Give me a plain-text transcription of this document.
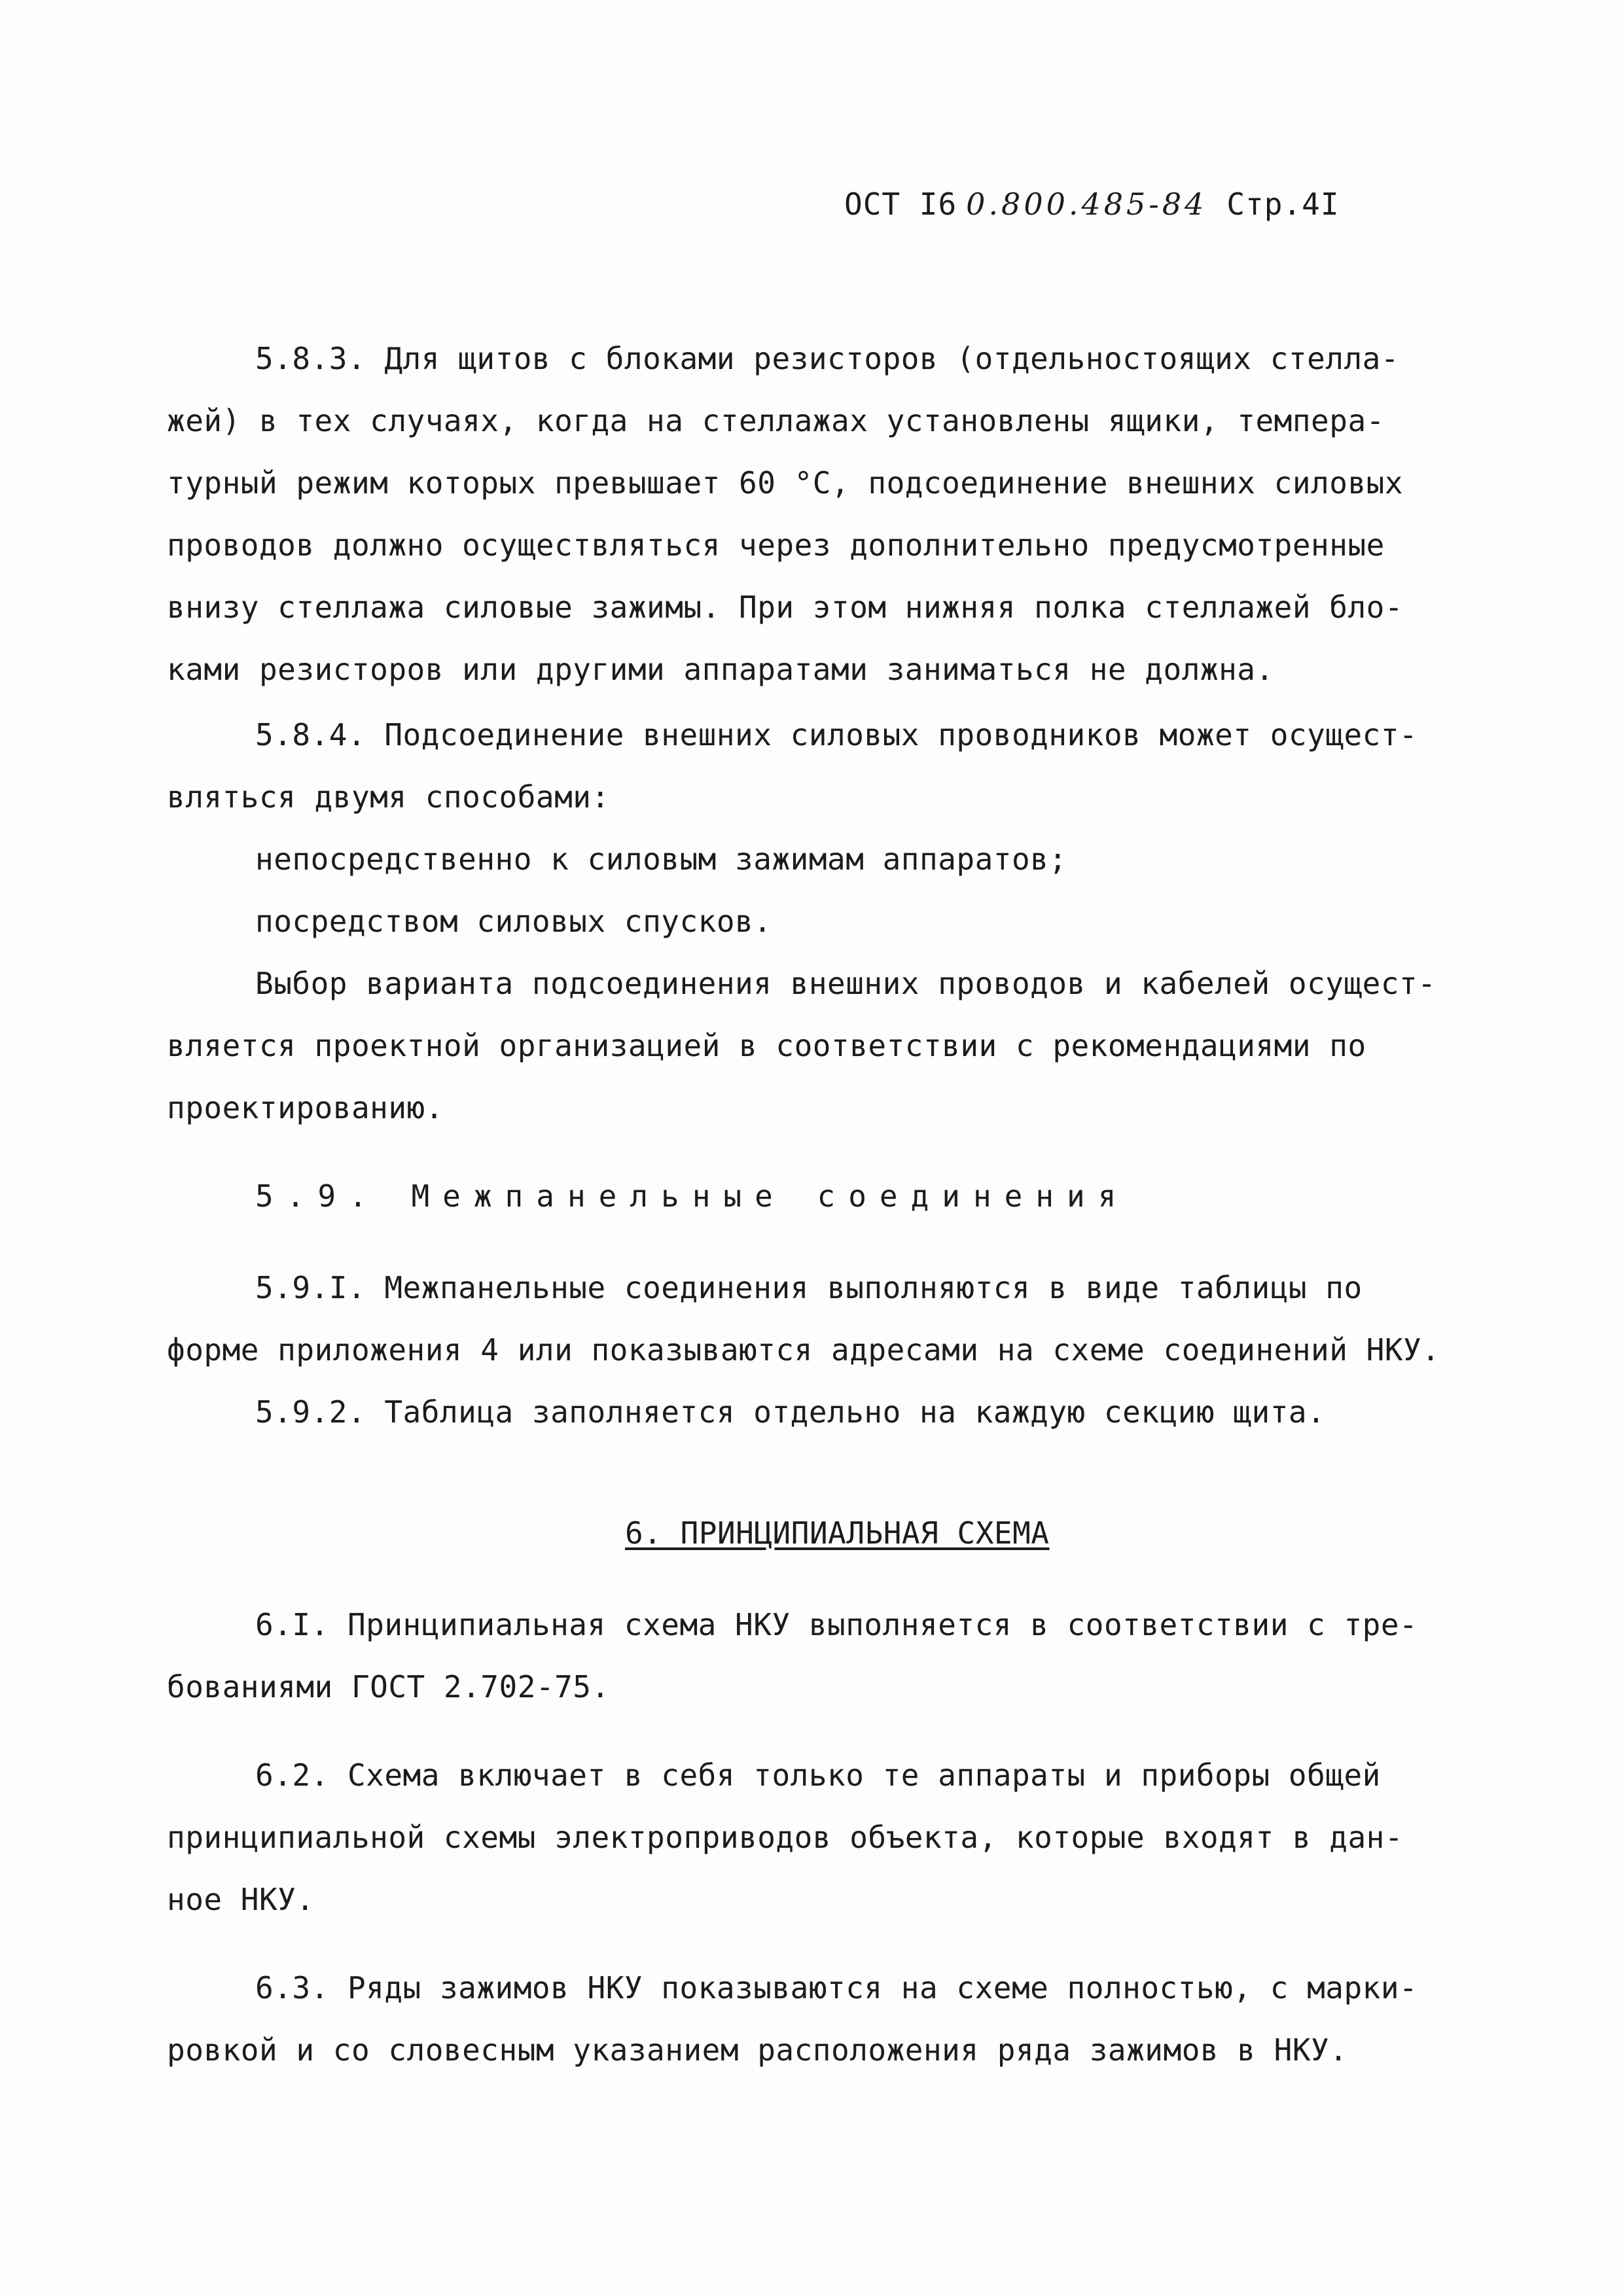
ОСТ I6 0.800.485-84 Стр.4I
5.8.3. Для щитов с блоками резисторов (отдельностоящих стелла-
жей) в тех случаях, когда на стеллажах установлены ящики, темпера-
турный режим которых превышает 60 °С, подсоединение внешних силовых
проводов должно осуществляться через дополнительно предусмотренные
внизу стеллажа силовые зажимы. При этом нижняя полка стеллажей бло-
ками резисторов или другими аппаратами заниматься не должна.
5.8.4. Подсоединение внешних силовых проводников может осущест-
вляться двумя способами:
непосредственно к силовым зажимам аппаратов;
посредством силовых спусков.
Выбор варианта подсоединения внешних проводов и кабелей осущест-
вляется проектной организацией в соответствии с рекомендациями по
проектированию.
5.9. Межпанельные соединения
5.9.I. Межпанельные соединения выполняются в виде таблицы по
форме приложения 4 или показываются адресами на схеме соединений НКУ.
5.9.2. Таблица заполняется отдельно на каждую секцию щита.
6. ПРИНЦИПИАЛЬНАЯ СХЕМА
6.I. Принципиальная схема НКУ выполняется в соответствии с тре-
бованиями ГОСТ 2.702-75.
6.2. Схема включает в себя только те аппараты и приборы общей
принципиальной схемы электроприводов объекта, которые входят в дан-
ное НКУ.
6.3. Ряды зажимов НКУ показываются на схеме полностью, с марки-
ровкой и со словесным указанием расположения ряда зажимов в НКУ.
